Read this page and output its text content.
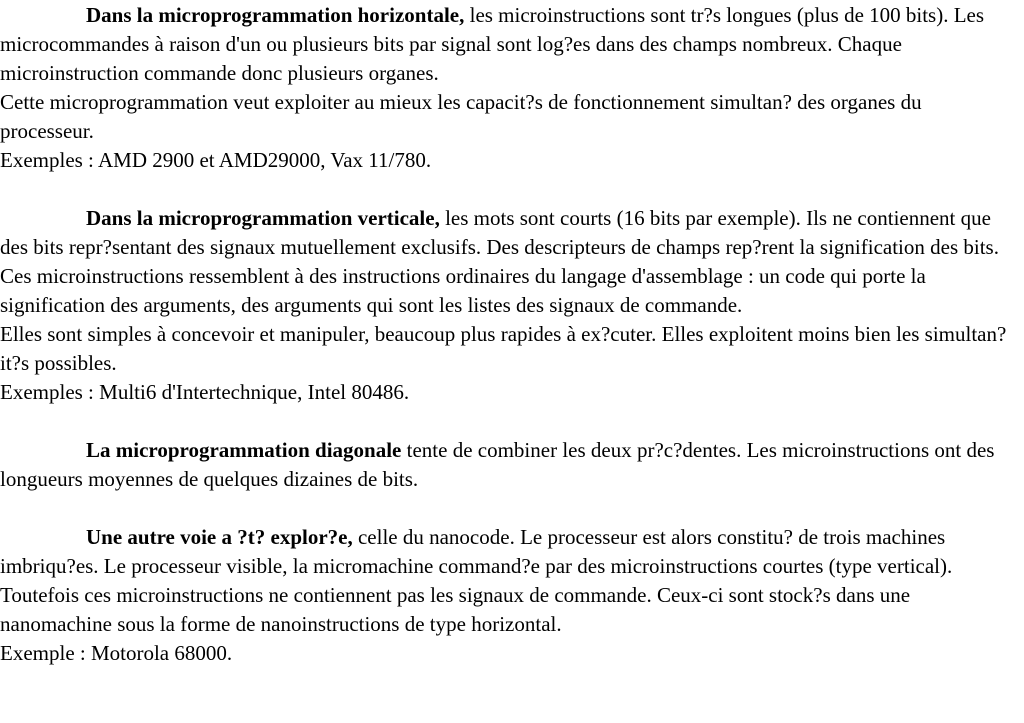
Dans la microprogrammation horizontale, les microinstructions sont tr?s longues (plus de 100 bits). Les microcommandes à raison d'un ou plusieurs bits par signal sont log?es dans des champs nombreux. Chaque microinstruction commande donc plusieurs organes.

Cette microprogrammation veut exploiter au mieux les capacit?s de fonctionnement simultan? des organes du processeur.

Exemples : AMD 2900 et AMD29000, Vax 11/780.

Dans la microprogrammation verticale, les mots sont courts (16 bits par exemple). Ils ne contiennent que des bits repr?sentant des signaux mutuellement exclusifs. Des descripteurs de champs rep?rent la signification des bits. Ces microinstructions ressemblent à des instructions ordinaires du langage d'assemblage : un code qui porte la signification des arguments, des arguments qui sont les listes des signaux de commande.

Elles sont simples à concevoir et manipuler, beaucoup plus rapides à ex?cuter. Elles exploitent moins bien les simultan?it?s possibles.

Exemples : Multi6 d'Intertechnique, Intel 80486.

La microprogrammation diagonale tente de combiner les deux pr?c?dentes. Les microinstructions ont des longueurs moyennes de quelques dizaines de bits.

Une autre voie a ?t? explor?e, celle du nanocode. Le processeur est alors constitu? de trois machines imbriqu?es. Le processeur visible, la micromachine command?e par des microinstructions courtes (type vertical). Toutefois ces microinstructions ne contiennent pas les signaux de commande. Ceux-ci sont stock?s dans une nanomachine sous la forme de nanoinstructions de type horizontal.

Exemple : Motorola 68000.
